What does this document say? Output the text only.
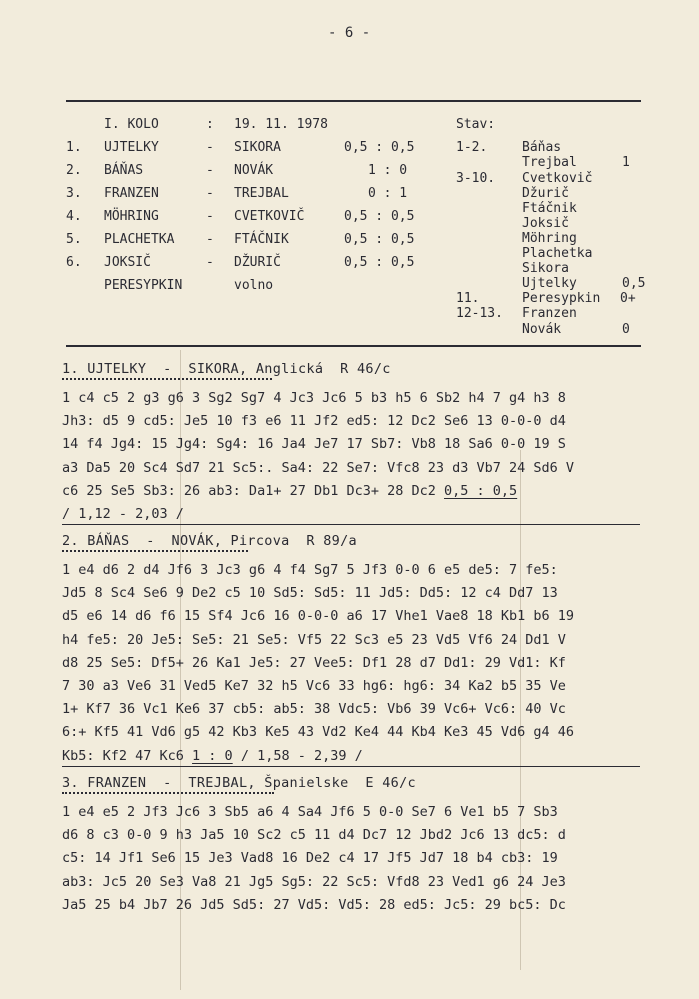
- 6 -
I. KOLO	: 19. 11. 1978
1. UJTELKY	- SIKORA	0,5 : 0,5
2. BÁŇAS	- NOVÁK	1 : 0
3. FRANZEN	- TREJBAL	0 : 1
4. MÖHRING	- CVETKOVIČ	0,5 : 0,5
5. PLACHETKA - FTÁČNIK	0,5 : 0,5
6. JOKSIČ	- DŽURIČ	0,5 : 0,5
PERESYPKIN	volno
Stav:
1-2.	Báňas
Trejbal	1
3-10. Cvetkovič
Džurič
Ftáčnik
Joksič
Möhring
Plachetka
Sikora
Ujtelky	0,5
11.	Peresypkin 0+
12-13. Franzen
Novák	0
1. UJTELKY  -  SIKORA, Anglická  R 46/c
1 c4 c5 2 g3 g6 3 Sg2 Sg7 4 Jc3 Jc6 5 b3 h5 6 Sb2 h4 7 g4 h3 8
Jh3: d5 9 cd5: Je5 10 f3 e6 11 Jf2 ed5: 12 Dc2 Se6 13 0-0-0 d4
14 f4 Jg4: 15 Jg4: Sg4: 16 Ja4 Je7 17 Sb7: Vb8 18 Sa6 0-0 19 S
a3 Da5 20 Sc4 Sd7 21 Sc5:. Sa4: 22 Se7: Vfc8 23 d3 Vb7 24 Sd6 V
c6 25 Se5 Sb3: 26 ab3: Da1+ 27 Db1 Dc3+ 28 Dc2 0,5 : 0,5
/ 1,12 - 2,03 /
2. BÁŇAS  -  NOVÁK, Pircova  R 89/a
1 e4 d6 2 d4 Jf6 3 Jc3 g6 4 f4 Sg7 5 Jf3 0-0 6 e5 de5: 7 fe5:
Jd5 8 Sc4 Se6 9 De2 c5 10 Sd5: Sd5: 11 Jd5: Dd5: 12 c4 Dd7 13
d5 e6 14 d6 f6 15 Sf4 Jc6 16 0-0-0 a6 17 Vhe1 Vae8 18 Kb1 b6 19
h4 fe5: 20 Je5: Se5: 21 Se5: Vf5 22 Sc3 e5 23 Vd5 Vf6 24 Dd1 V
d8 25 Se5: Df5+ 26 Ka1 Je5: 27 Vee5: Df1 28 d7 Dd1: 29 Vd1: Kf
7 30 a3 Ve6 31 Ved5 Ke7 32 h5 Vc6 33 hg6: hg6: 34 Ka2 b5 35 Ve
1+ Kf7 36 Vc1 Ke6 37 cb5: ab5: 38 Vdc5: Vb6 39 Vc6+ Vc6: 40 Vc
6:+ Kf5 41 Vd6 g5 42 Kb3 Ke5 43 Vd2 Ke4 44 Kb4 Ke3 45 Vd6 g4 46
Kb5: Kf2 47 Kc6 1 : 0 / 1,58 - 2,39 /
3. FRANZEN  -  TREJBAL, Španielske  E 46/c
1 e4 e5 2 Jf3 Jc6 3 Sb5 a6 4 Sa4 Jf6 5 0-0 Se7 6 Ve1 b5 7 Sb3
d6 8 c3 0-0 9 h3 Ja5 10 Sc2 c5 11 d4 Dc7 12 Jbd2 Jc6 13 dc5: d
c5: 14 Jf1 Se6 15 Je3 Vad8 16 De2 c4 17 Jf5 Jd7 18 b4 cb3: 19
ab3: Jc5 20 Se3 Va8 21 Jg5 Sg5: 22 Sc5: Vfd8 23 Ved1 g6 24 Je3
Ja5 25 b4 Jb7 26 Jd5 Sd5: 27 Vd5: Vd5: 28 ed5: Jc5: 29 bc5: Dc
